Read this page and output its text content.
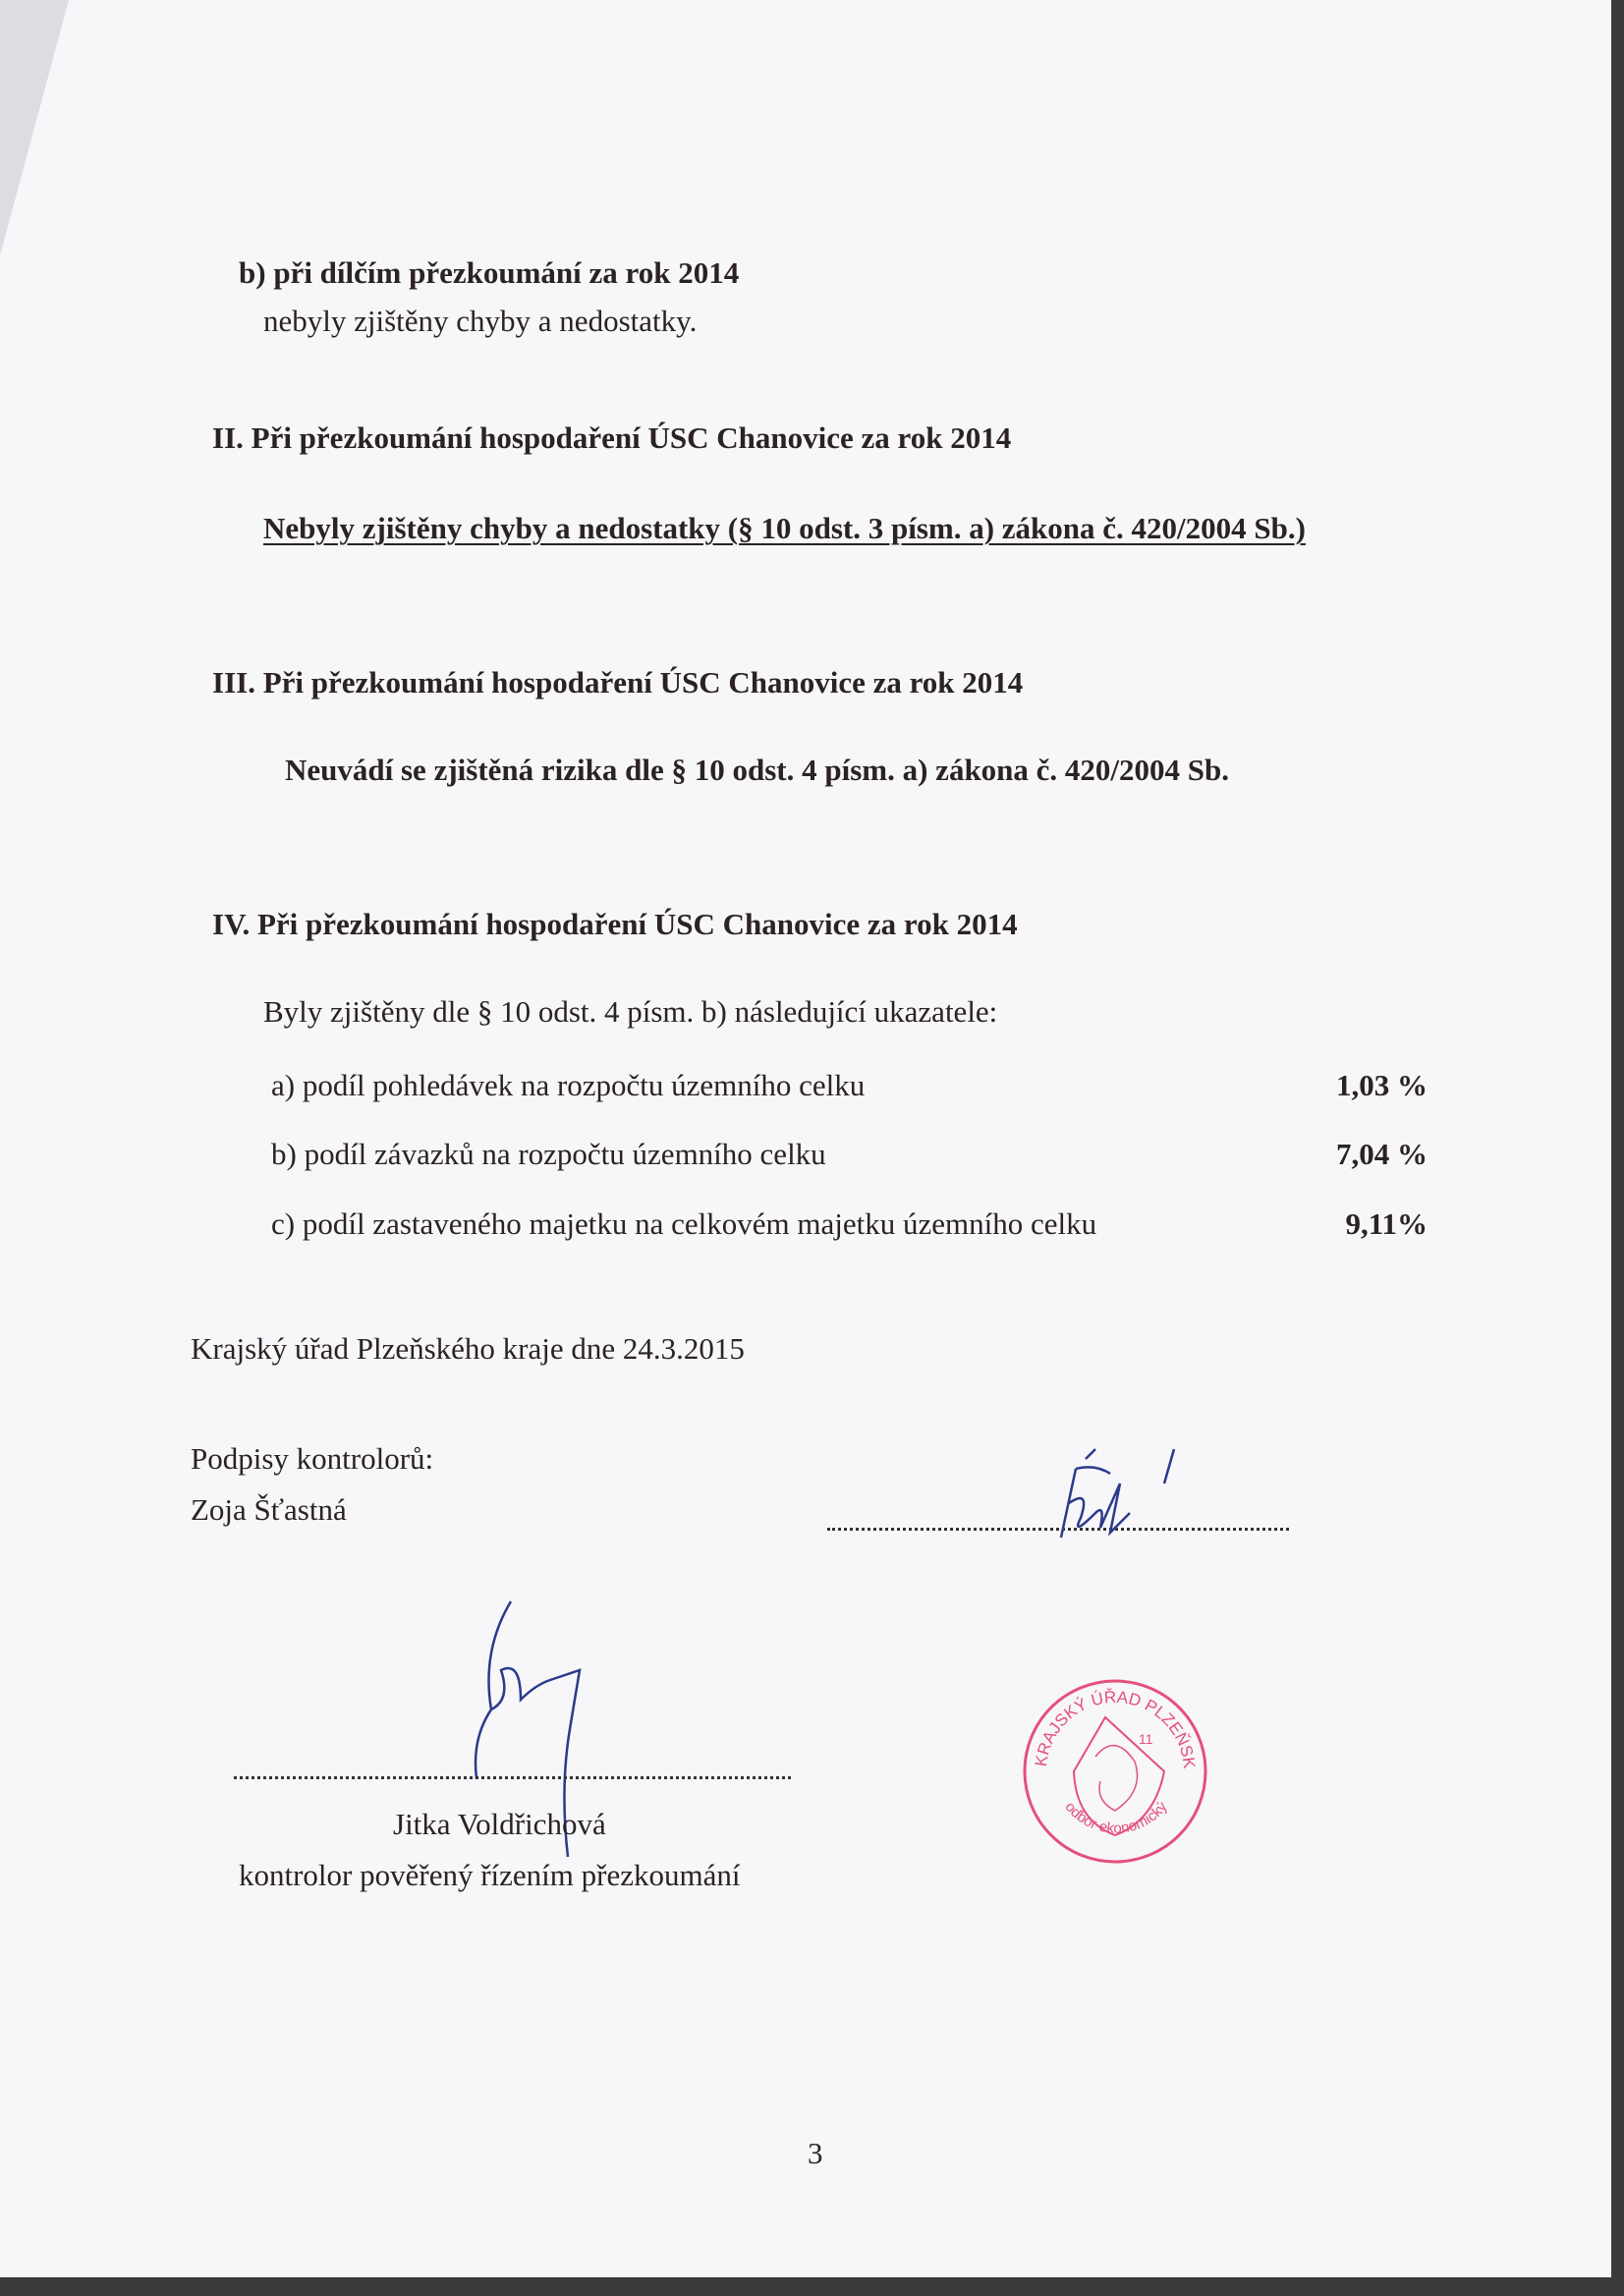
b) při dílčím přezkoumání za rok 2014
nebyly zjištěny chyby a nedostatky.
II. Při přezkoumání hospodaření ÚSC Chanovice za rok 2014
Nebyly zjištěny chyby a nedostatky (§ 10 odst. 3 písm. a) zákona č. 420/2004 Sb.)
III. Při přezkoumání hospodaření ÚSC Chanovice za rok 2014
Neuvádí se zjištěná rizika dle § 10 odst. 4 písm. a) zákona č. 420/2004 Sb.
IV. Při přezkoumání hospodaření ÚSC Chanovice za rok 2014
Byly zjištěny dle § 10 odst. 4 písm. b) následující ukazatele:
a) podíl pohledávek na rozpočtu územního celku	1,03 %
b) podíl závazků na rozpočtu územního celku	7,04 %
c) podíl zastaveného majetku na celkovém majetku územního celku	9,11%
Krajský úřad Plzeňského kraje dne 24.3.2015
Podpisy kontrolorů:
Zoja Šťastná
Jitka Voldřichová
kontrolor pověřený řízením přezkoumání
KRAJSKÝ ÚŘAD PLZEŇSKÉHO KRAJE
odbor ekonomický
11
3
